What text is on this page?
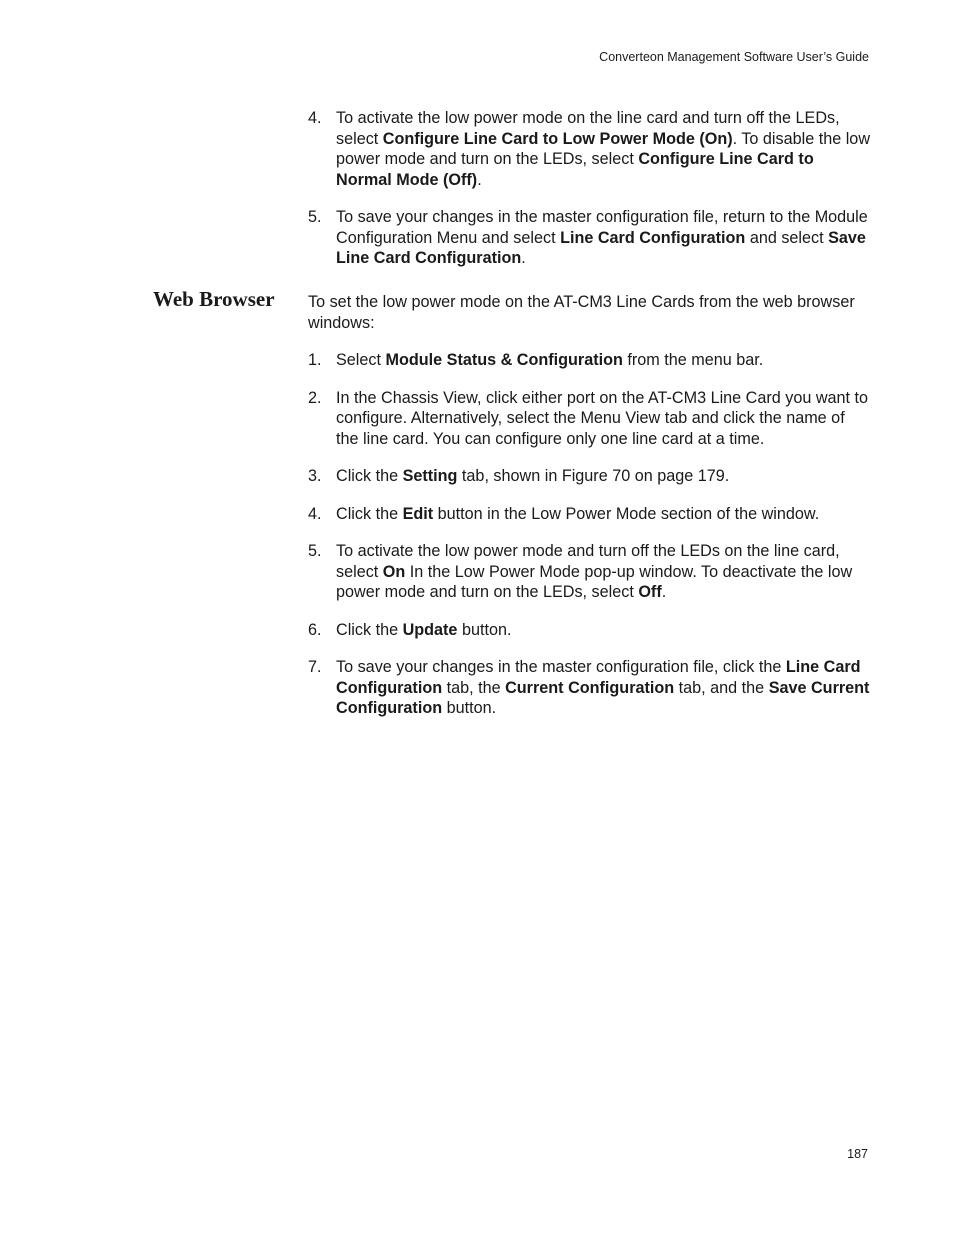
Converteon Management Software User’s Guide
4. To activate the low power mode on the line card and turn off the LEDs, select Configure Line Card to Low Power Mode (On). To disable the low power mode and turn on the LEDs, select Configure Line Card to Normal Mode (Off).
5. To save your changes in the master configuration file, return to the Module Configuration Menu and select Line Card Configuration and select Save Line Card Configuration.
Web Browser To set the low power mode on the AT-CM3 Line Cards from the web browser windows:

1. Select Module Status & Configuration from the menu bar.
2. In the Chassis View, click either port on the AT-CM3 Line Card you want to configure. Alternatively, select the Menu View tab and click the name of the line card. You can configure only one line card at a time.
3. Click the Setting tab, shown in Figure 70 on page 179.
4. Click the Edit button in the Low Power Mode section of the window.
5. To activate the low power mode and turn off the LEDs on the line card, select On In the Low Power Mode pop-up window. To deactivate the low power mode and turn on the LEDs, select Off.
6. Click the Update button.
7. To save your changes in the master configuration file, click the Line Card Configuration tab, the Current Configuration tab, and the Save Current Configuration button.
187
